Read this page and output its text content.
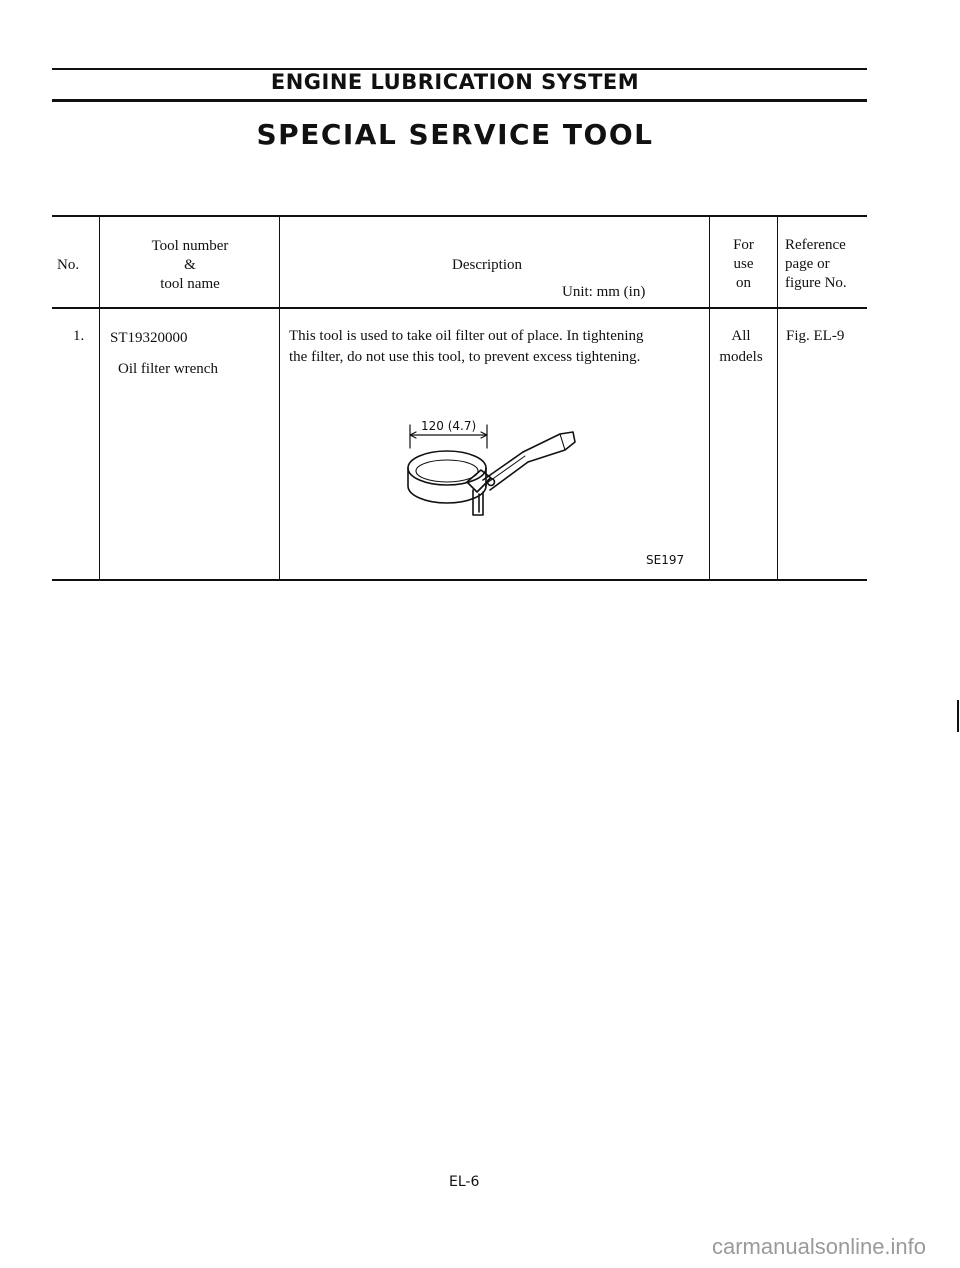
ENGINE LUBRICATION SYSTEM
SPECIAL SERVICE TOOL
No.
Tool number
&
tool name
Description
Unit: mm (in)
For
use
on
Reference
page or
figure No.
1. ST19320000
Oil filter wrench
This tool is used to take oil filter out of place. In tightening
the filter, do not use this tool, to prevent excess tightening.
120 (4.7)
SE197
All
models
Fig. EL-9
EL-6
carmanualsonline.info
